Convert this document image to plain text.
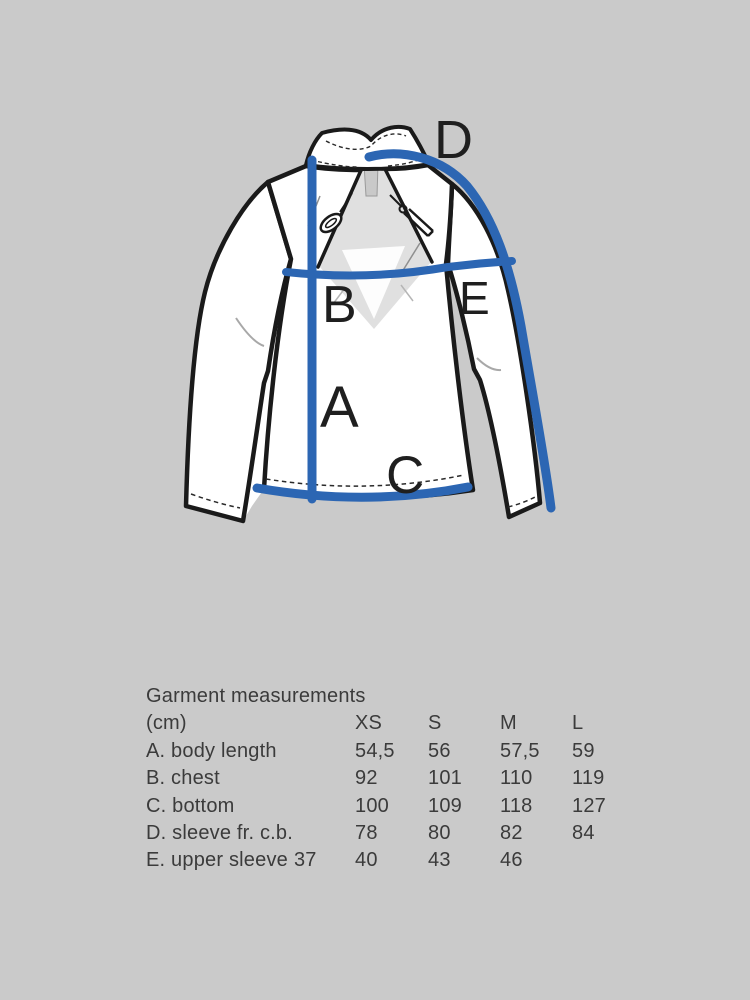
D
B E
A
C
Garment measurements
(cm)	XS	S	M	L
A. body length	54,5	56	57,5	59
B. chest	92	101	110	119
C. bottom	100	109	118	127
D. sleeve fr. c.b.	78	80	82	84
E. upper sleeve 37	40	43	46
